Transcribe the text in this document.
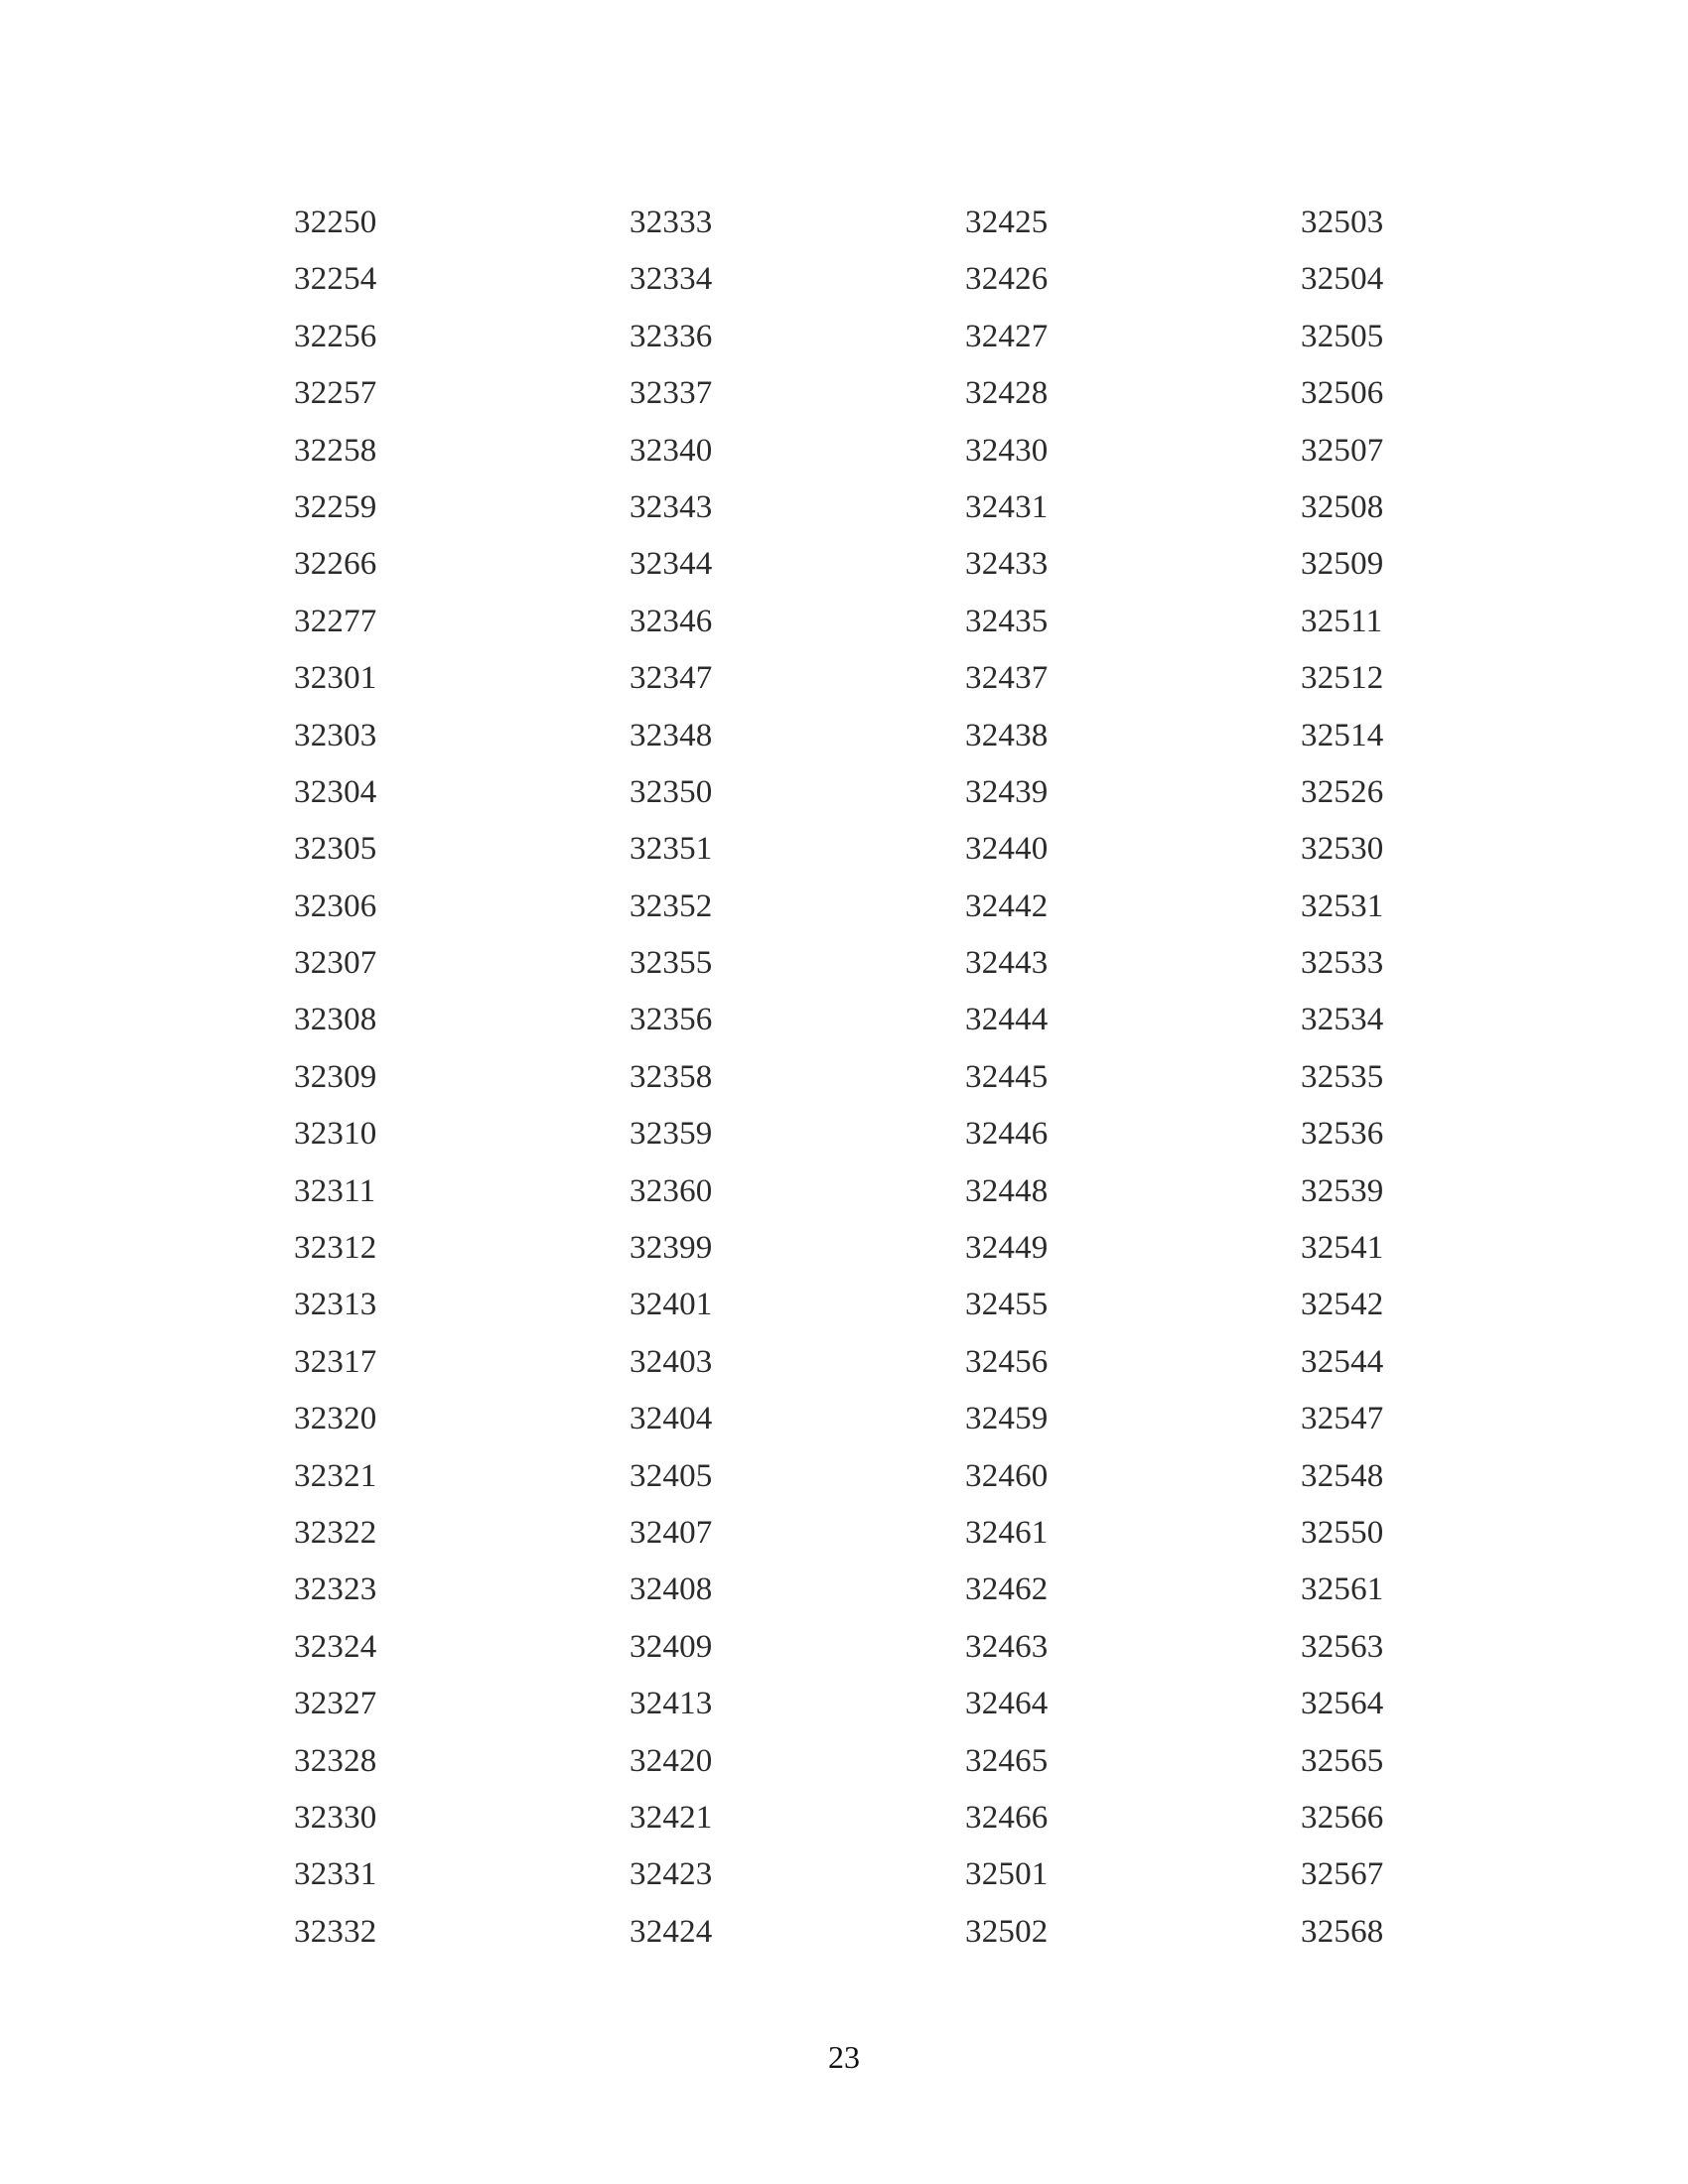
32250
32254
32256
32257
32258
32259
32266
32277
32301
32303
32304
32305
32306
32307
32308
32309
32310
32311
32312
32313
32317
32320
32321
32322
32323
32324
32327
32328
32330
32331
32332
32333
32334
32336
32337
32340
32343
32344
32346
32347
32348
32350
32351
32352
32355
32356
32358
32359
32360
32399
32401
32403
32404
32405
32407
32408
32409
32413
32420
32421
32423
32424
32425
32426
32427
32428
32430
32431
32433
32435
32437
32438
32439
32440
32442
32443
32444
32445
32446
32448
32449
32455
32456
32459
32460
32461
32462
32463
32464
32465
32466
32501
32502
32503
32504
32505
32506
32507
32508
32509
32511
32512
32514
32526
32530
32531
32533
32534
32535
32536
32539
32541
32542
32544
32547
32548
32550
32561
32563
32564
32565
32566
32567
32568
23
